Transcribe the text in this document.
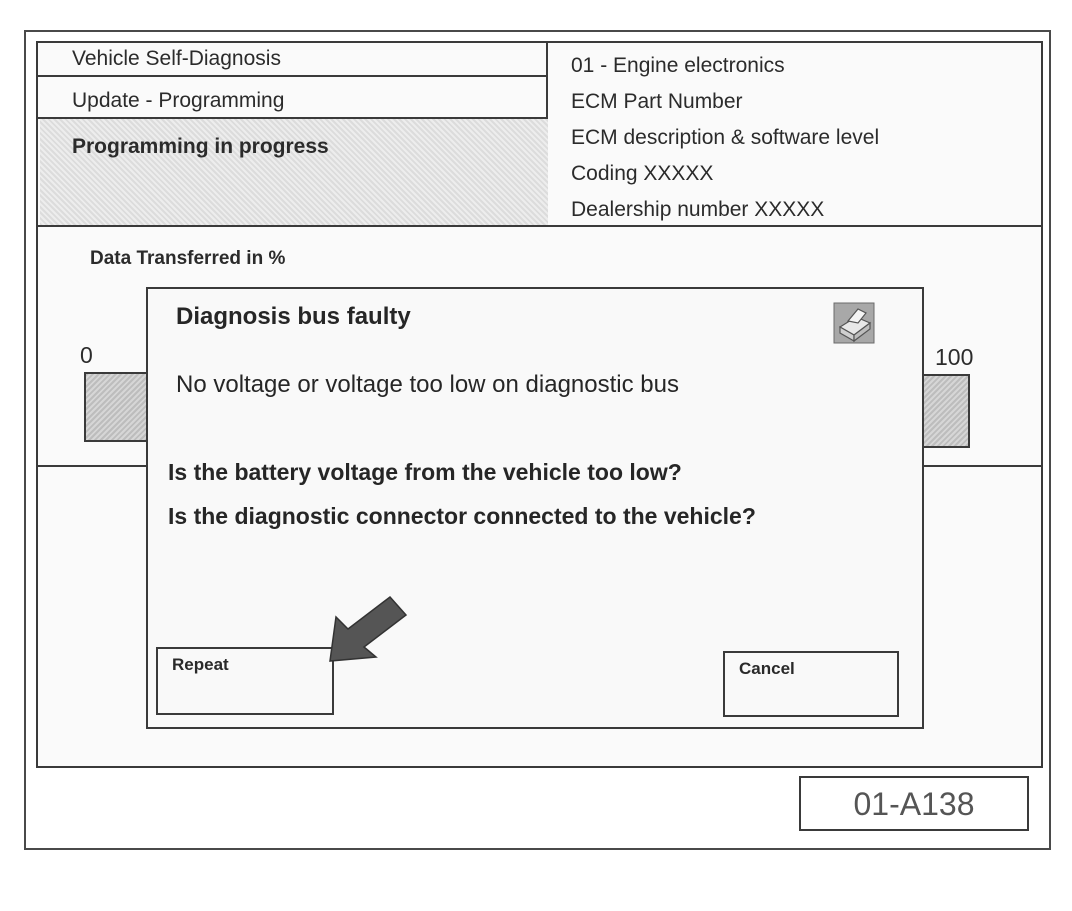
Vehicle Self-Diagnosis
Update - Programming
Programming in progress
01 - Engine electronics
ECM Part Number
ECM description & software level
Coding XXXXX
Dealership number XXXXX
Data Transferred in %
0	100
Diagnosis bus faulty
No voltage or voltage too low on diagnostic bus
Is the battery voltage from the vehicle too low?
Is the diagnostic connector connected to the vehicle?
Repeat	Cancel
01-A138
